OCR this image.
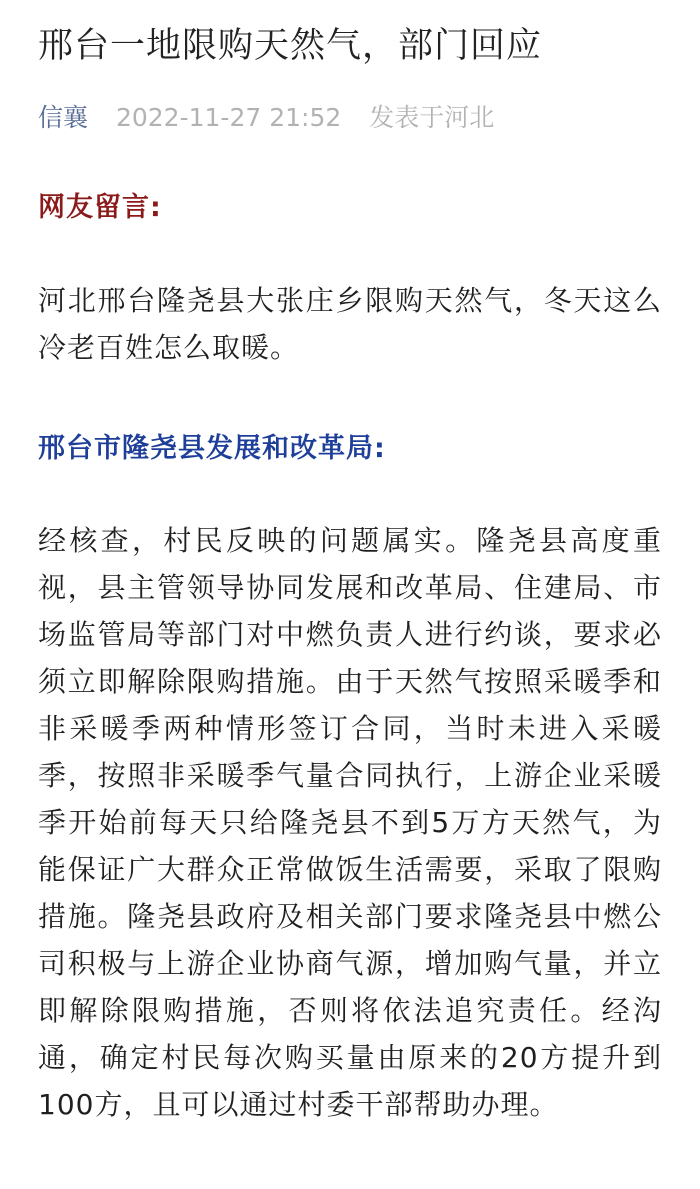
邢台一地限购天然气，部门回应
信襄 2022-11-27 21:52 发表于河北
网友留言:

河北邢台隆尧县大张庄乡限购天然气，冬天这么冷老百姓怎么取暖。

邢台市隆尧县发展和改革局:

经核查，村民反映的问题属实。隆尧县高度重视，县主管领导协同发展和改革局、住建局、市场监管局等部门对中燃负责人进行约谈，要求必须立即解除限购措施。由于天然气按照采暖季和非采暖季两种情形签订合同，当时未进入采暖季，按照非采暖季气量合同执行，上游企业采暖季开始前每天只给隆尧县不到5万方天然气，为能保证广大群众正常做饭生活需要，采取了限购措施。隆尧县政府及相关部门要求隆尧县中燃公司积极与上游企业协商气源，增加购气量，并立即解除限购措施，否则将依法追究责任。经沟通，确定村民每次购买量由原来的20方提升到100方，且可以通过村委干部帮助办理。
